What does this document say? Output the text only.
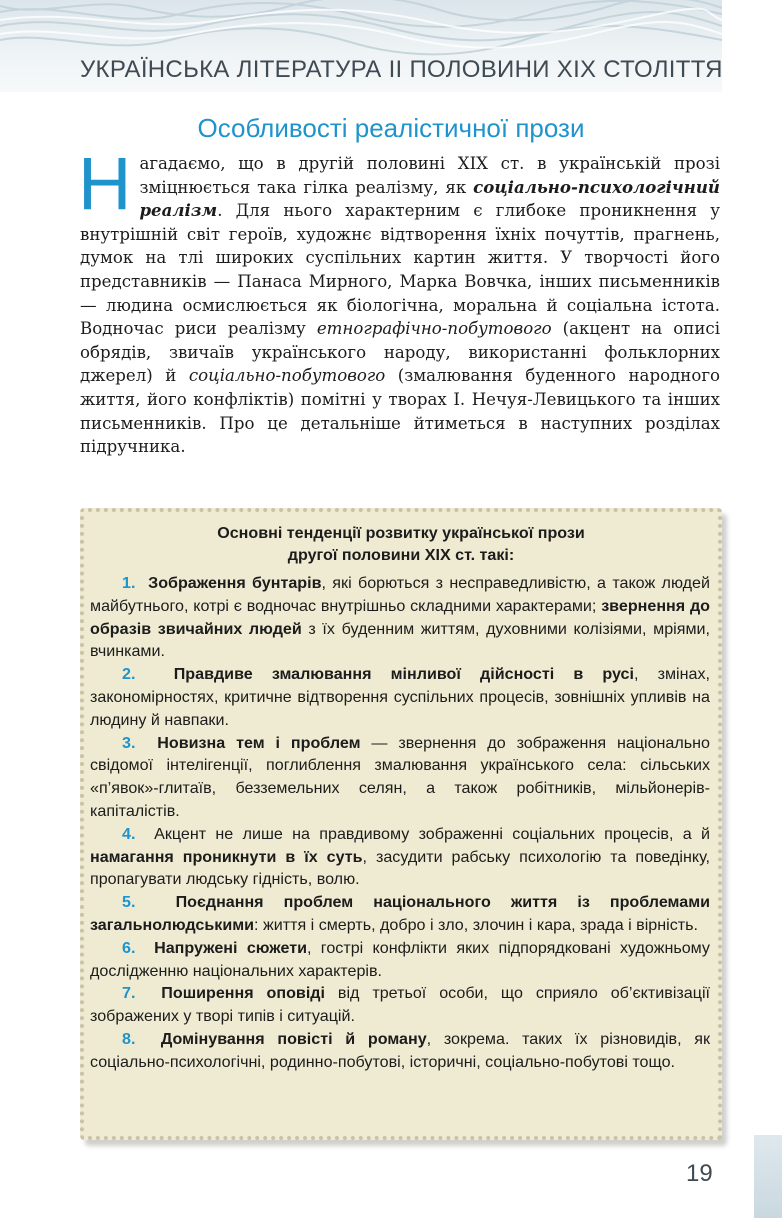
УКРАЇНСЬКА ЛІТЕРАТУРА ІІ ПОЛОВИНИ XIX СТОЛІТТЯ
Особливості реалістичної прози
Нагадаємо, що в другій половині XIX ст. в українській прозі зміцнюється така гілка реалізму, як соціально-психологічний реалізм. Для нього характерним є глибоке проникнення у внутрішній світ героїв, художнє відтворення їхніх почуттів, прагнень, думок на тлі широких суспільних картин життя. У творчості його представників — Панаса Мирного, Марка Вовчка, інших письменників — людина осмислюється як біологічна, моральна й соціальна істота. Водночас риси реалізму етнографічно-побутового (акцент на описі обрядів, звичаїв українського народу, використанні фольклорних джерел) й соціально-побутового (змалювання буденного народного життя, його конфліктів) помітні у творах І. Нечуя-Левицького та інших письменників. Про це детальніше йтиметься в наступних розділах підручника.
Основні тенденції розвитку української прози
другої половини XIX ст. такі:

1. Зображення бунтарів, які борються з несправедливістю, а також людей майбутнього, котрі є водночас внутрішньо складними характерами; звернення до образів звичайних людей з їх буденним життям, духовними колізіями, мріями, вчинками.

2. Правдиве змалювання мінливої дійсності в русі, змінах, закономірностях, критичне відтворення суспільних процесів, зовнішніх упливів на людину й навпаки.

3. Новизна тем і проблем — звернення до зображення національно свідомої інтелігенції, поглиблення змалювання українського села: сільських «п’явок»-глитаїв, безземельних селян, а також робітників, мільйонерів-капіталістів.

4. Акцент не лише на правдивому зображенні соціальних процесів, а й намагання проникнути в їх суть, засудити рабську психологію та поведінку, пропагувати людську гідність, волю.

5. Поєднання проблем національного життя із проблемами загальнолюдськими: життя і смерть, добро і зло, злочин і кара, зрада і вірність.

6. Напружені сюжети, гострі конфлікти яких підпорядковані художньому дослідженню національних характерів.

7. Поширення оповіді від третьої особи, що сприяло об’єктивізації зображених у творі типів і ситуацій.

8. Домінування повісті й роману, зокрема. таких їх різновидів, як соціально-психологічні, родинно-побутові, історичні, соціально-побутові тощо.

19
